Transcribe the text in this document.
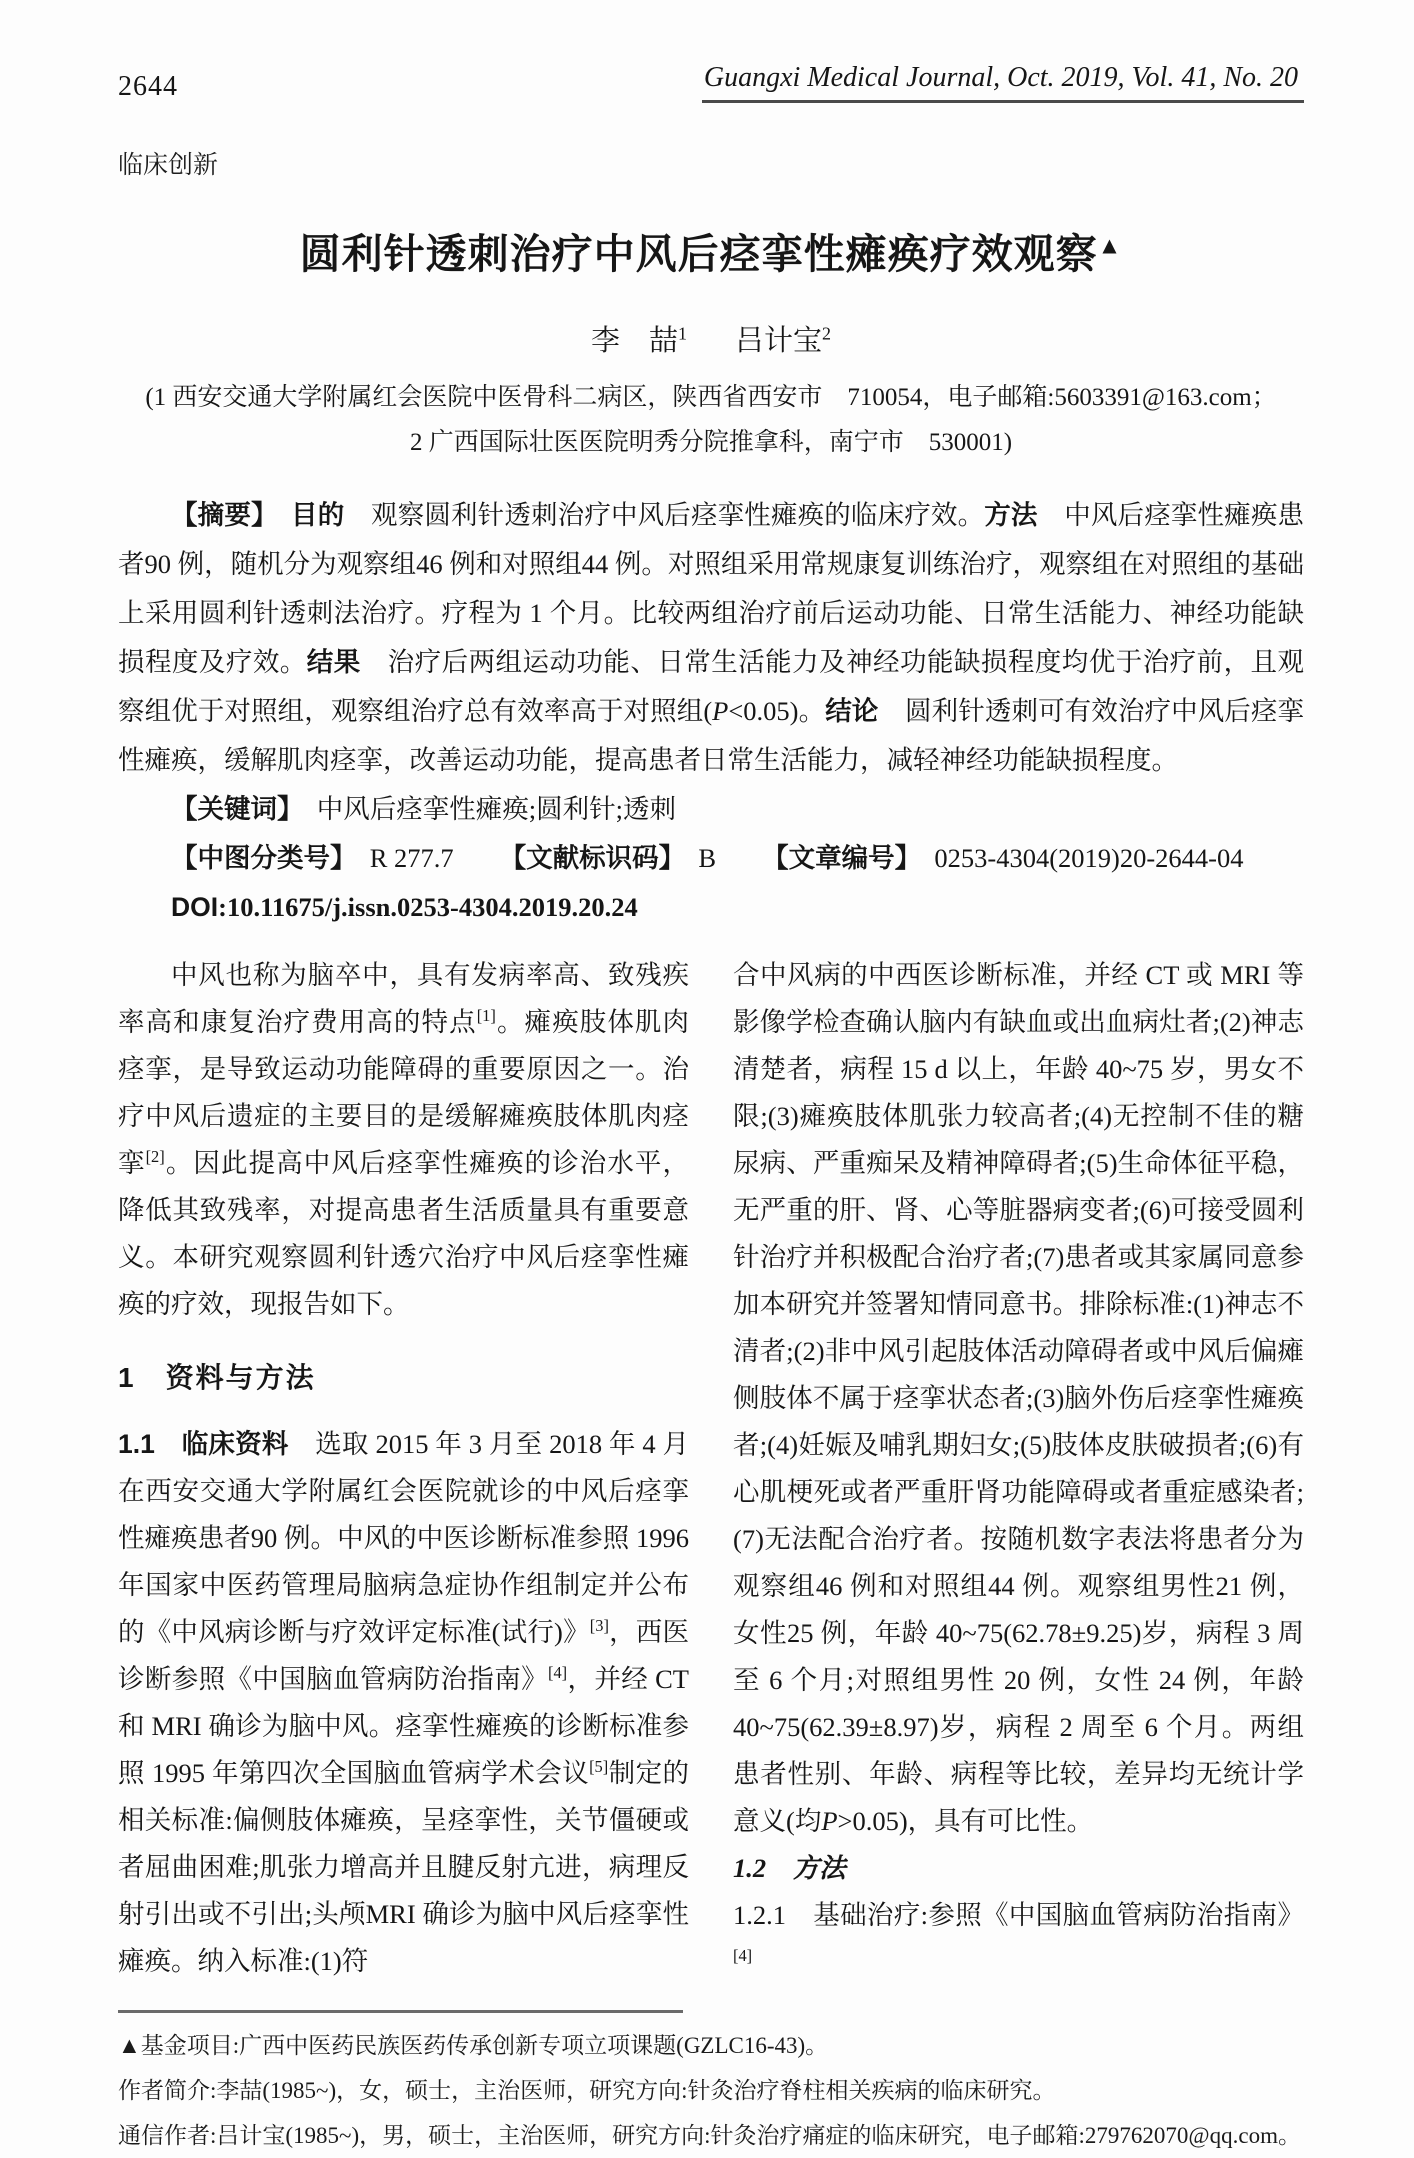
2644	Guangxi Medical Journal, Oct. 2019, Vol. 41, No. 20
临床创新
圆利针透刺治疗中风后痉挛性瘫痪疗效观察▲
李　喆$^1$ 吕计宝$^2$
(1 西安交通大学附属红会医院中医骨科二病区，陕西省西安市　710054，电子邮箱:5603391@163.com；
2 广西国际壮医医院明秀分院推拿科，南宁市　530001)

【摘要】　目的　观察圆利针透刺治疗中风后痉挛性瘫痪的临床疗效。方法　中风后痉挛性瘫痪患者90 例，随机分为观察组46 例和对照组44 例。对照组采用常规康复训练治疗，观察组在对照组的基础上采用圆利针透刺法治疗。疗程为 1 个月。比较两组治疗前后运动功能、日常生活能力、神经功能缺损程度及疗效。结果　治疗后两组运动功能、日常生活能力及神经功能缺损程度均优于治疗前，且观察组优于对照组，观察组治疗总有效率高于对照组(P<0.05)。结论　圆利针透刺可有效治疗中风后痉挛性瘫痪，缓解肌肉痉挛，改善运动功能，提高患者日常生活能力，减轻神经功能缺损程度。

【关键词】　中风后痉挛性瘫痪;圆利针;透刺

【中图分类号】　R 277.7 【文献标识码】　B 【文章编号】　0253-4304(2019)20-2644-04

DOI:10.11675/j.issn.0253-4304.2019.20.24

中风也称为脑卒中，具有发病率高、致残疾率高和康复治疗费用高的特点[1]。瘫痪肢体肌肉痉挛，是导致运动功能障碍的重要原因之一。治疗中风后遗症的主要目的是缓解瘫痪肢体肌肉痉挛[2]。因此提高中风后痉挛性瘫痪的诊治水平，降低其致残率，对提高患者生活质量具有重要意义。本研究观察圆利针透穴治疗中风后痉挛性瘫痪的疗效，现报告如下。

1　资料与方法

1.1　临床资料　选取 2015 年 3 月至 2018 年 4 月在西安交通大学附属红会医院就诊的中风后痉挛性瘫痪患者90 例。中风的中医诊断标准参照 1996 年国家中医药管理局脑病急症协作组制定并公布的《中风病诊断与疗效评定标准(试行)》[3]，西医诊断参照《中国脑血管病防治指南》[4]，并经 CT 和 MRI 确诊为脑中风。痉挛性瘫痪的诊断标准参照 1995 年第四次全国脑血管病学术会议[5]制定的相关标准:偏侧肢体瘫痪，呈痉挛性，关节僵硬或者屈曲困难;肌张力增高并且腱反射亢进，病理反射引出或不引出;头颅MRI 确诊为脑中风后痉挛性瘫痪。纳入标准:(1)符

合中风病的中西医诊断标准，并经 CT 或 MRI 等影像学检查确认脑内有缺血或出血病灶者;(2)神志清楚者，病程 15 d 以上，年龄 40~75 岁，男女不限;(3)瘫痪肢体肌张力较高者;(4)无控制不佳的糖尿病、严重痴呆及精神障碍者;(5)生命体征平稳，无严重的肝、肾、心等脏器病变者;(6)可接受圆利针治疗并积极配合治疗者;(7)患者或其家属同意参加本研究并签署知情同意书。排除标准:(1)神志不清者;(2)非中风引起肢体活动障碍者或中风后偏瘫侧肢体不属于痉挛状态者;(3)脑外伤后痉挛性瘫痪者;(4)妊娠及哺乳期妇女;(5)肢体皮肤破损者;(6)有心肌梗死或者严重肝肾功能障碍或者重症感染者;(7)无法配合治疗者。按随机数字表法将患者分为观察组46 例和对照组44 例。观察组男性21 例，女性25 例，年龄 40~75(62.78±9.25)岁，病程 3 周至 6 个月;对照组男性 20 例，女性 24 例，年龄 40~75(62.39±8.97)岁，病程 2 周至 6 个月。两组患者性别、年龄、病程等比较，差异均无统计学意义(均P>0.05)，具有可比性。

1.2　方法

1.2.1　基础治疗:参照《中国脑血管病防治指南》[4]

▲基金项目:广西中医药民族医药传承创新专项立项课题(GZLC16-43)。
作者简介:李喆(1985~)，女，硕士，主治医师，研究方向:针灸治疗脊柱相关疾病的临床研究。
通信作者:吕计宝(1985~)，男，硕士，主治医师，研究方向:针灸治疗痛症的临床研究，电子邮箱:279762070@qq.com。
